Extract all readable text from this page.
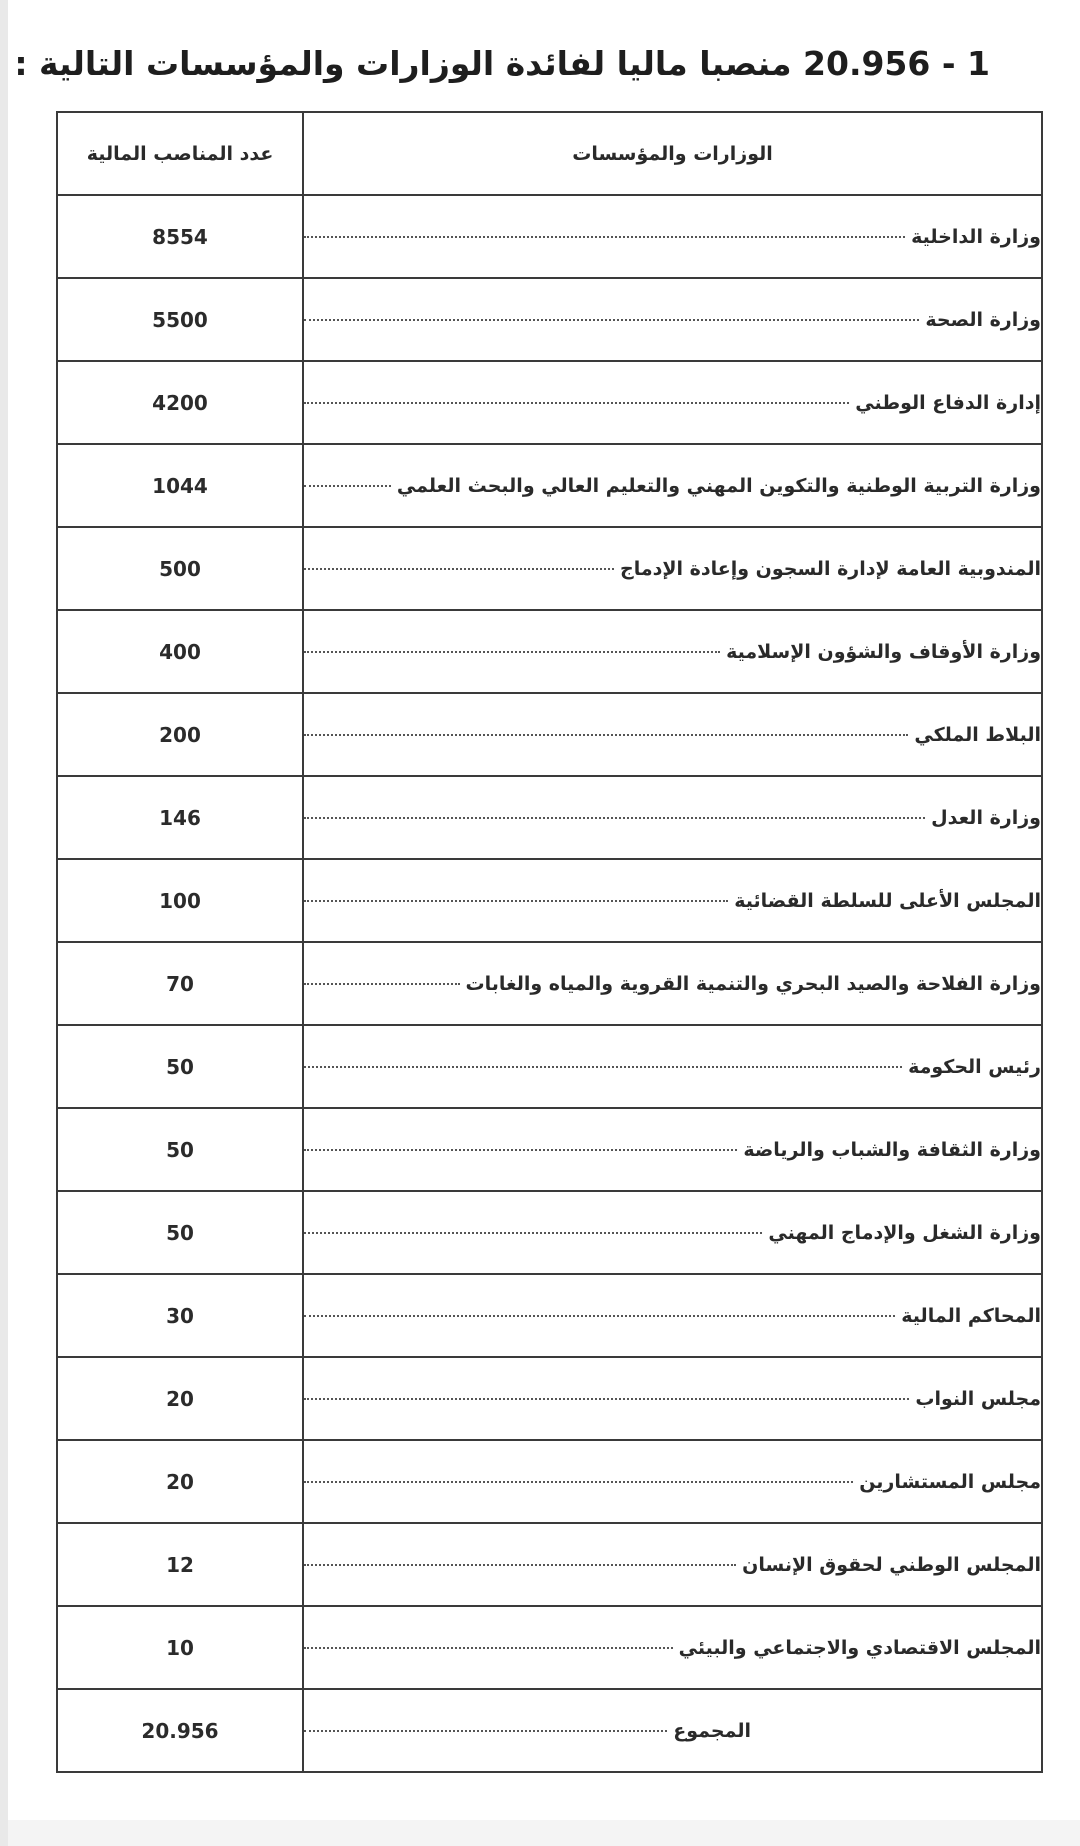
20.956 - 1 منصبا ماليا لفائدة الوزارات والمؤسسات التالية :
عدد المناصب المالية	الوزارات والمؤسسات
8554	وزارة الداخلية

5500	وزارة الصحة

4200	إدارة الدفاع الوطني

1044	وزارة التربية الوطنية والتكوين المهني والتعليم العالي والبحث العلمي

500	المندوبية العامة لإدارة السجون وإعادة الإدماج

400	وزارة الأوقاف والشؤون الإسلامية

200	البلاط الملكي

146	وزارة العدل

100	المجلس الأعلى للسلطة القضائية

70	وزارة الفلاحة والصيد البحري والتنمية القروية والمياه والغابات

50	رئيس الحكومة

50	وزارة الثقافة والشباب والرياضة

50	وزارة الشغل والإدماج المهني

30	المحاكم المالية

20	مجلس النواب

20	مجلس المستشارين

12	المجلس الوطني لحقوق الإنسان

10	المجلس الاقتصادي والاجتماعي والبيئي

20.956	المجموع
